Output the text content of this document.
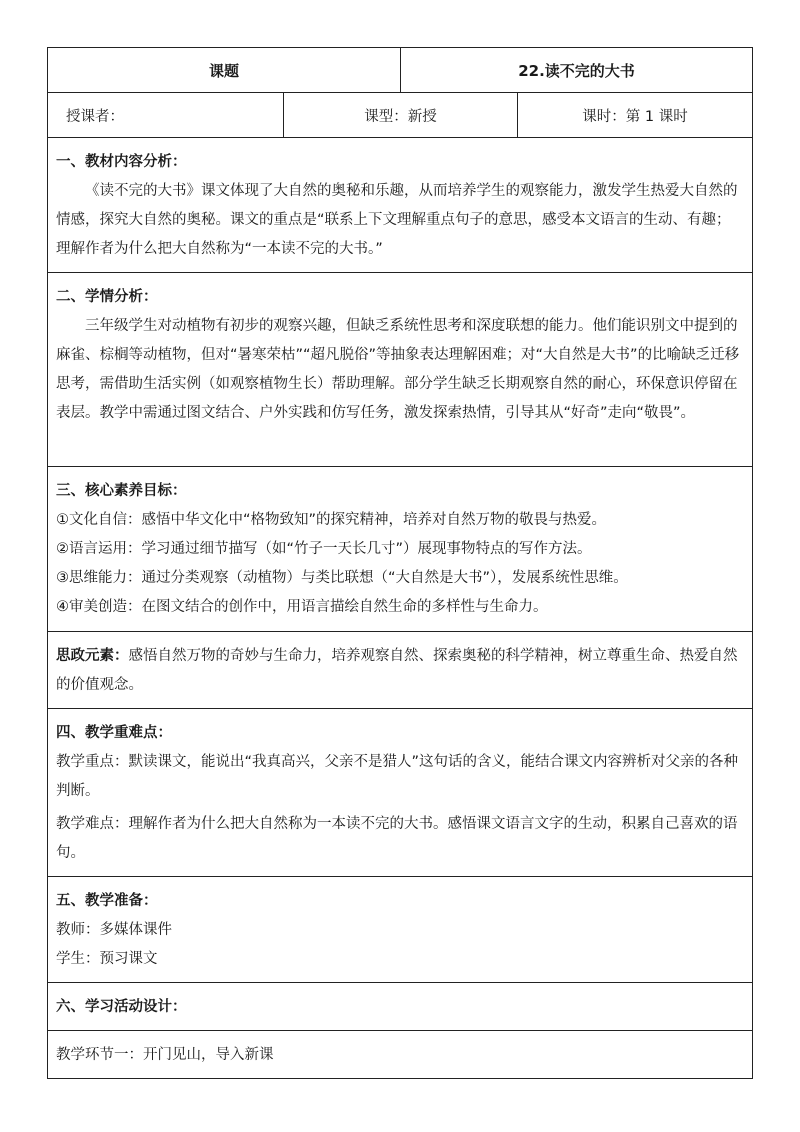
课题		22.读不完的大书	
授课者：	课型：新授		课时：第 1 课时

一、教材内容分析：

《读不完的大书》课文体现了大自然的奥秘和乐趣，从而培养学生的观察能力，激发学生热爱大自然的情感，探究大自然的奥秘。课文的重点是“联系上下文理解重点句子的意思，感受本文语言的生动、有趣；理解作者为什么把大自然称为“一本读不完的大书。”			

二、学情分析：

三年级学生对动植物有初步的观察兴趣，但缺乏系统性思考和深度联想的能力。他们能识别文中提到的麻雀、棕榈等动植物，但对“暑寒荣枯”“超凡脱俗”等抽象表达理解困难；对“大自然是大书”的比喻缺乏迁移思考，需借助生活实例（如观察植物生长）帮助理解。部分学生缺乏长期观察自然的耐心，环保意识停留在表层。教学中需通过图文结合、户外实践和仿写任务，激发探索热情，引导其从“好奇”走向“敬畏”。			

三、核心素养目标：

①文化自信：感悟中华文化中“格物致知”的探究精神，培养对自然万物的敬畏与热爱。

②语言运用：学习通过细节描写（如“竹子一天长几寸”）展现事物特点的写作方法。

③思维能力：通过分类观察（动植物）与类比联想（“大自然是大书”），发展系统性思维。

④审美创造：在图文结合的创作中，用语言描绘自然生命的多样性与生命力。			

思政元素：感悟自然万物的奇妙与生命力，培养观察自然、探索奥秘的科学精神，树立尊重生命、热爱自然的价值观念。			

四、教学重难点：

教学重点：默读课文，能说出“我真高兴，父亲不是猎人”这句话的含义，能结合课文内容辨析对父亲的各种判断。

教学难点：理解作者为什么把大自然称为一本读不完的大书。感悟课文语言文字的生动，积累自己喜欢的语句。			

五、教学准备：

教师：多媒体课件

学生：预习课文			

六、学习活动设计：			

教学环节一：开门见山，导入新课			
